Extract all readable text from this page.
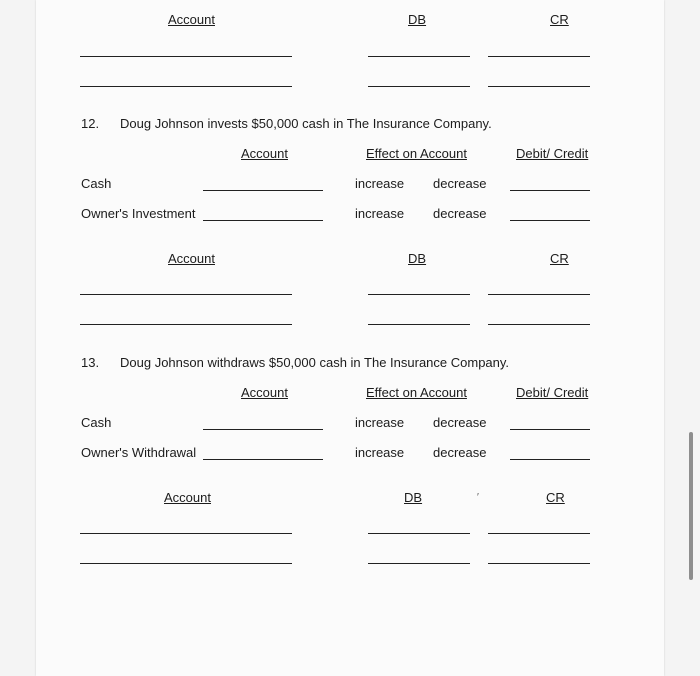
Account	DB	CR
12. Doug Johnson invests $50,000 cash in The Insurance Company.
Account	Effect on Account	Debit/ Credit
Cash	increase decrease
Owner's Investment	increase decrease
Account	DB	CR
13. Doug Johnson withdraws $50,000 cash in The Insurance Company.
Account	Effect on Account	Debit/ Credit
Cash	increase decrease
Owner's Withdrawal	increase decrease
Account	DB	′	CR
